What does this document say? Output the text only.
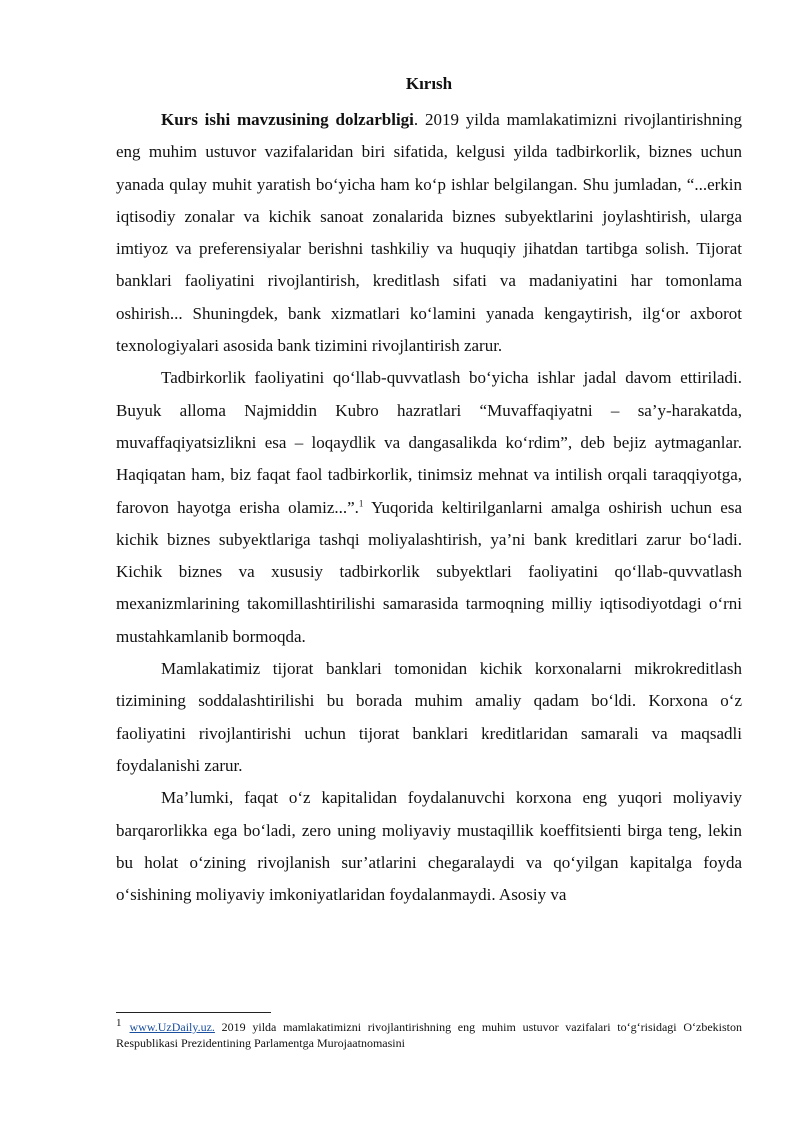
Kırısh

Kurs ishi mavzusining dolzarbligi. 2019 yilda mamlakatimizni rivojlantirishning eng muhim ustuvor vazifalaridan biri sifatida, kelgusi yilda tadbirkorlik, biznes uchun yanada qulay muhit yaratish bo‘yicha ham ko‘p ishlar belgilangan. Shu jumladan, “...erkin iqtisodiy zonalar va kichik sanoat zonalarida biznes subyektlarini joylashtirish, ularga imtiyoz va preferensiyalar berishni tashkiliy va huquqiy jihatdan tartibga solish. Tijorat banklari faoliyatini rivojlantirish, kreditlash sifati va madaniyatini har tomonlama oshirish... Shuningdek, bank xizmatlari ko‘lamini yanada kengaytirish, ilg‘or axborot texnologiyalari asosida bank tizimini rivojlantirish zarur.

Tadbirkorlik faoliyatini qo‘llab-quvvatlash bo‘yicha ishlar jadal davom ettiriladi. Buyuk alloma Najmiddin Kubro hazratlari “Muvaffaqiyatni – sa’y-harakatda, muvaffaqiyatsizlikni esa – loqaydlik va dangasalikda ko‘rdim”, deb bejiz aytmaganlar. Haqiqatan ham, biz faqat faol tadbirkorlik, tinimsiz mehnat va intilish orqali taraqqiyotga, farovon hayotga erisha olamiz...”.$^1$ Yuqorida keltirilganlarni amalga oshirish uchun esa kichik biznes subyektlariga tashqi moliyalashtirish, ya’ni bank kreditlari zarur bo‘ladi. Kichik biznes va xususiy tadbirkorlik subyektlari faoliyatini qo‘llab-quvvatlash mexanizmlarining takomillashtirilishi samarasida tarmoqning milliy iqtisodiyotdagi o‘rni mustahkamlanib bormoqda.

Mamlakatimiz tijorat banklari tomonidan kichik korxonalarni mikrokreditlash tizimining soddalashtirilishi bu borada muhim amaliy qadam bo‘ldi. Korxona o‘z faoliyatini rivojlantirishi uchun tijorat banklari kreditlaridan samarali va maqsadli foydalanishi zarur.

Ma’lumki, faqat o‘z kapitalidan foydalanuvchi korxona eng yuqori moliyaviy barqarorlikka ega bo‘ladi, zero uning moliyaviy mustaqillik koeffitsienti birga teng, lekin bu holat o‘zining rivojlanish sur’atlarini chegaralaydi va qo‘yilgan kapitalga foyda o‘sishining moliyaviy imkoniyatlaridan foydalanmaydi. Asosiy va

1 www.UzDaily.uz. 2019 yilda mamlakatimizni rivojlantirishning eng muhim ustuvor vazifalari to‘g‘risidagi O‘zbekiston Respublikasi Prezidentining Parlamentga Murojaatnomasini
